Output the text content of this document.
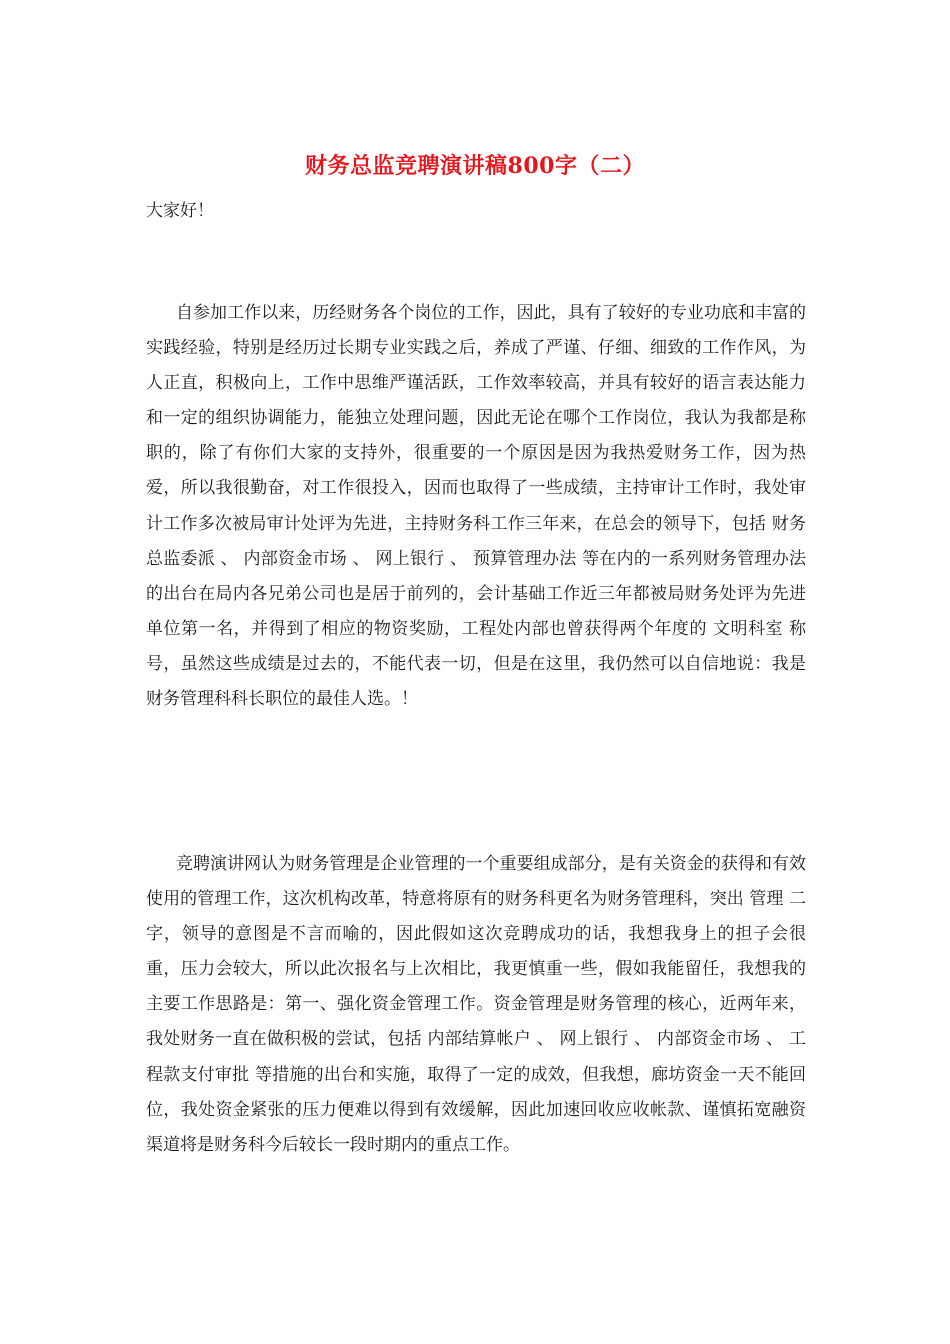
财务总监竞聘演讲稿800字（二）
大家好！

自参加工作以来，历经财务各个岗位的工作，因此，具有了较好的专业功底和丰富的实践经验，特别是经历过长期专业实践之后，养成了严谨、仔细、细致的工作作风，为人正直，积极向上，工作中思维严谨活跃，工作效率较高，并具有较好的语言表达能力和一定的组织协调能力，能独立处理问题，因此无论在哪个工作岗位，我认为我都是称职的，除了有你们大家的支持外，很重要的一个原因是因为我热爱财务工作，因为热爱，所以我很勤奋，对工作很投入，因而也取得了一些成绩，主持审计工作时，我处审计工作多次被局审计处评为先进，主持财务科工作三年来，在总会的领导下，包括 财务总监委派 、 内部资金市场 、 网上银行 、 预算管理办法 等在内的一系列财务管理办法的出台在局内各兄弟公司也是居于前列的，会计基础工作近三年都被局财务处评为先进单位第一名，并得到了相应的物资奖励，工程处内部也曾获得两个年度的 文明科室 称号，虽然这些成绩是过去的，不能代表一切，但是在这里，我仍然可以自信地说：我是财务管理科科长职位的最佳人选。！

竞聘演讲网认为财务管理是企业管理的一个重要组成部分，是有关资金的获得和有效使用的管理工作，这次机构改革，特意将原有的财务科更名为财务管理科，突出 管理 二字，领导的意图是不言而喻的，因此假如这次竞聘成功的话，我想我身上的担子会很重，压力会较大，所以此次报名与上次相比，我更慎重一些，假如我能留任，我想我的主要工作思路是：第一、强化资金管理工作。资金管理是财务管理的核心，近两年来，我处财务一直在做积极的尝试，包括 内部结算帐户 、 网上银行 、 内部资金市场 、 工程款支付审批 等措施的出台和实施，取得了一定的成效，但我想，廊坊资金一天不能回位，我处资金紧张的压力便难以得到有效缓解，因此加速回收应收帐款、谨慎拓宽融资渠道将是财务科今后较长一段时期内的重点工作。
